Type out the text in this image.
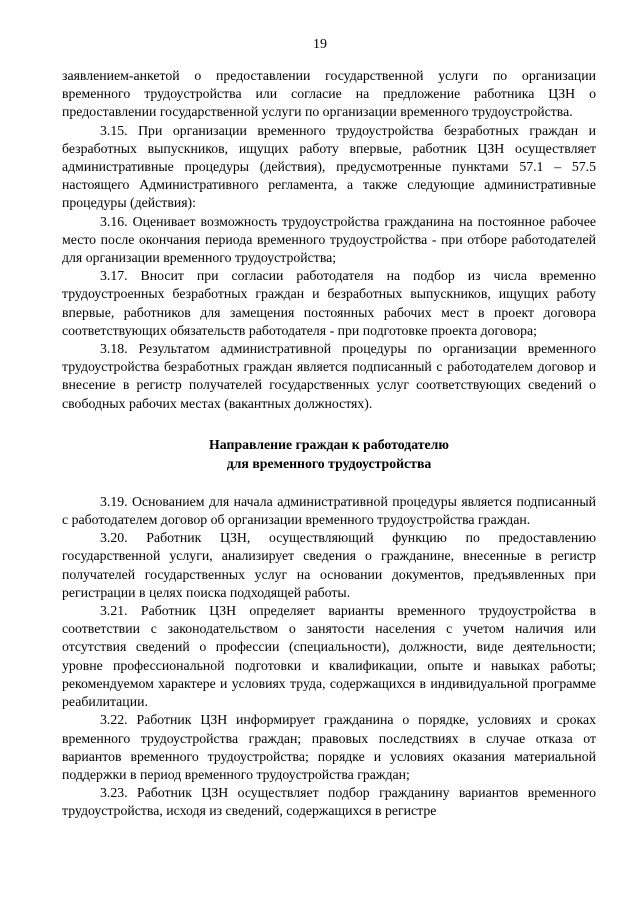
19

заявлением-анкетой о предоставлении государственной услуги по организации временного трудоустройства или согласие на предложение работника ЦЗН о предоставлении государственной услуги по организации временного трудоустройства.

3.15. При организации временного трудоустройства безработных граждан и безработных выпускников, ищущих работу впервые, работник ЦЗН осуществляет административные процедуры (действия), предусмотренные пунктами 57.1 – 57.5 настоящего Административного регламента, а также следующие административные процедуры (действия):

3.16. Оценивает возможность трудоустройства гражданина на постоянное рабочее место после окончания периода временного трудоустройства - при отборе работодателей для организации временного трудоустройства;

3.17. Вносит при согласии работодателя на подбор из числа временно трудоустроенных безработных граждан и безработных выпускников, ищущих работу впервые, работников для замещения постоянных рабочих мест в проект договора соответствующих обязательств работодателя - при подготовке проекта договора;

3.18. Результатом административной процедуры по организации временного трудоустройства безработных граждан является подписанный с работодателем договор и внесение в регистр получателей государственных услуг соответствующих сведений о свободных рабочих местах (вакантных должностях).

Направление граждан к работодателю
для временного трудоустройства

3.19. Основанием для начала административной процедуры является подписанный с работодателем договор об организации временного трудоустройства граждан.

3.20. Работник ЦЗН, осуществляющий функцию по предоставлению государственной услуги, анализирует сведения о гражданине, внесенные в регистр получателей государственных услуг на основании документов, предъявленных при регистрации в целях поиска подходящей работы.

3.21. Работник ЦЗН определяет варианты временного трудоустройства в соответствии с законодательством о занятости населения с учетом наличия или отсутствия сведений о профессии (специальности), должности, виде деятельности; уровне профессиональной подготовки и квалификации, опыте и навыках работы; рекомендуемом характере и условиях труда, содержащихся в индивидуальной программе реабилитации.

3.22. Работник ЦЗН информирует гражданина о порядке, условиях и сроках временного трудоустройства граждан; правовых последствиях в случае отказа от вариантов временного трудоустройства; порядке и условиях оказания материальной поддержки в период временного трудоустройства граждан;

3.23. Работник ЦЗН осуществляет подбор гражданину вариантов временного трудоустройства, исходя из сведений, содержащихся в регистре
